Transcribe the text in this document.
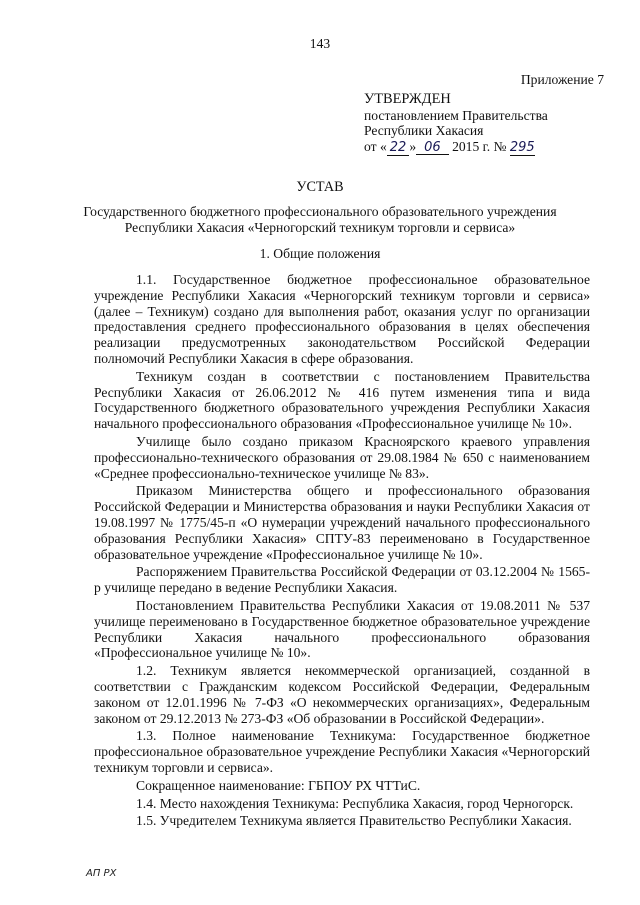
143
Приложение 7
УТВЕРЖДЕН
постановлением Правительства
Республики Хакасия
от « 22 » 06 2015 г. № 295
УСТАВ
Государственного бюджетного профессионального образовательного учреждения
Республики Хакасия «Черногорский техникум торговли и сервиса»
1. Общие положения

1.1. Государственное бюджетное профессиональное образовательное учреждение Республики Хакасия «Черногорский техникум торговли и сервиса» (далее – Техникум) создано для выполнения работ, оказания услуг по организации предоставления среднего профессионального образования в целях обеспечения реализации предусмотренных законодательством Российской Федерации полномочий Республики Хакасия в сфере образования.

Техникум создан в соответствии с постановлением Правительства Республики Хакасия от 26.06.2012 № 416 путем изменения типа и вида Государственного бюджетного образовательного учреждения Республики Хакасия начального профессионального образования «Профессиональное училище № 10».

Училище было создано приказом Красноярского краевого управления профессионально-технического образования от 29.08.1984 № 650 с наименованием «Среднее профессионально-техническое училище № 83».

Приказом Министерства общего и профессионального образования Российской Федерации и Министерства образования и науки Республики Хакасия от 19.08.1997 № 1775/45-п «О нумерации учреждений начального профессионального образования Республики Хакасия» СПТУ-83 переименовано в Государственное образовательное учреждение «Профессиональное училище № 10».

Распоряжением Правительства Российской Федерации от 03.12.2004 № 1565-р училище передано в ведение Республики Хакасия.

Постановлением Правительства Республики Хакасия от 19.08.2011 № 537 училище переименовано в Государственное бюджетное образовательное учреждение Республики Хакасия начального профессионального образования «Профессиональное училище № 10».

1.2. Техникум является некоммерческой организацией, созданной в соответствии с Гражданским кодексом Российской Федерации, Федеральным законом от 12.01.1996 № 7-ФЗ «О некоммерческих организациях», Федеральным законом от 29.12.2013 № 273-ФЗ «Об образовании в Российской Федерации».

1.3. Полное наименование Техникума: Государственное бюджетное профессиональное образовательное учреждение Республики Хакасия «Черногорский техникум торговли и сервиса».

Сокращенное наименование: ГБПОУ РХ ЧТТиС.

1.4. Место нахождения Техникума: Республика Хакасия, город Черногорск.

1.5. Учредителем Техникума является Правительство Республики Хакасия.

АП РХ
